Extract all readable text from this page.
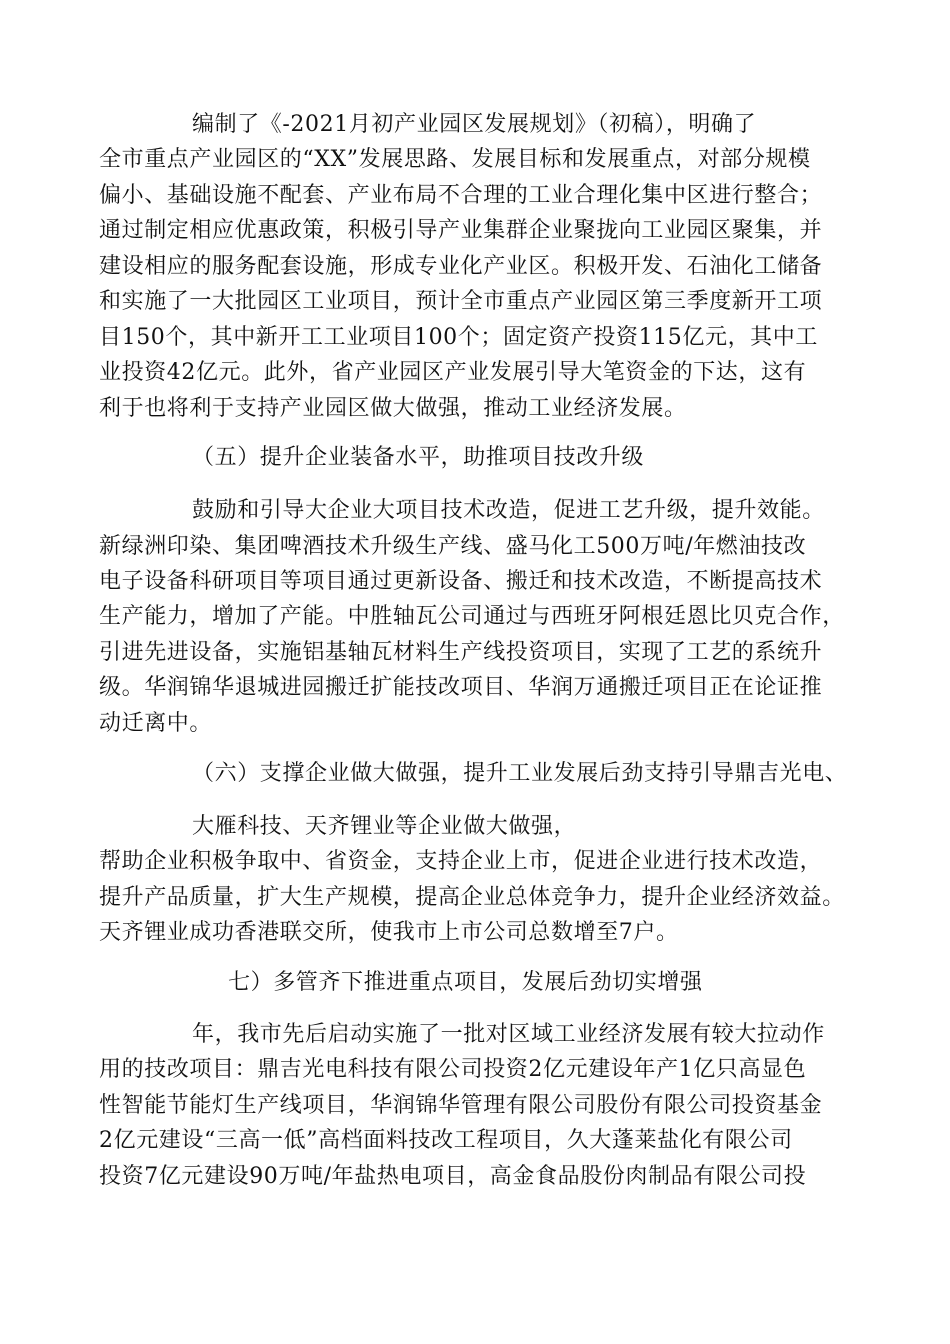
编制了《-2021月初产业园区发展规划》（初稿），明确了
全市重点产业园区的“XX”发展思路、发展目标和发展重点，对部分规模
偏小、基础设施不配套、产业布局不合理的工业合理化集中区进行整合；
通过制定相应优惠政策，积极引导产业集群企业聚拢向工业园区聚集，并
建设相应的服务配套设施，形成专业化产业区。积极开发、石油化工储备
和实施了一大批园区工业项目，预计全市重点产业园区第三季度新开工项
目150个，其中新开工工业项目100个；固定资产投资115亿元，其中工
业投资42亿元。此外，省产业园区产业发展引导大笔资金的下达，这有
利于也将利于支持产业园区做大做强，推动工业经济发展。
（五）提升企业装备水平，助推项目技改升级
鼓励和引导大企业大项目技术改造，促进工艺升级，提升效能。
新绿洲印染、集团啤酒技术升级生产线、盛马化工500万吨/年燃油技改
电子设备科研项目等项目通过更新设备、搬迁和技术改造，不断提高技术
生产能力，增加了产能。中胜轴瓦公司通过与西班牙阿根廷恩比贝克合作，
引进先进设备，实施铝基轴瓦材料生产线投资项目，实现了工艺的系统升
级。华润锦华退城进园搬迁扩能技改项目、华润万通搬迁项目正在论证推
动迁离中。
（六）支撑企业做大做强，提升工业发展后劲支持引导鼎吉光电、
大雁科技、天齐锂业等企业做大做强，
帮助企业积极争取中、省资金，支持企业上市，促进企业进行技术改造，
提升产品质量，扩大生产规模，提高企业总体竞争力，提升企业经济效益。
天齐锂业成功香港联交所，使我市上市公司总数增至7户。
七）多管齐下推进重点项目，发展后劲切实增强
年，我市先后启动实施了一批对区域工业经济发展有较大拉动作
用的技改项目：鼎吉光电科技有限公司投资2亿元建设年产1亿只高显色
性智能节能灯生产线项目，华润锦华管理有限公司股份有限公司投资基金
2亿元建设“三高一低”高档面料技改工程项目，久大蓬莱盐化有限公司
投资7亿元建设90万吨/年盐热电项目，高金食品股份肉制品有限公司投
